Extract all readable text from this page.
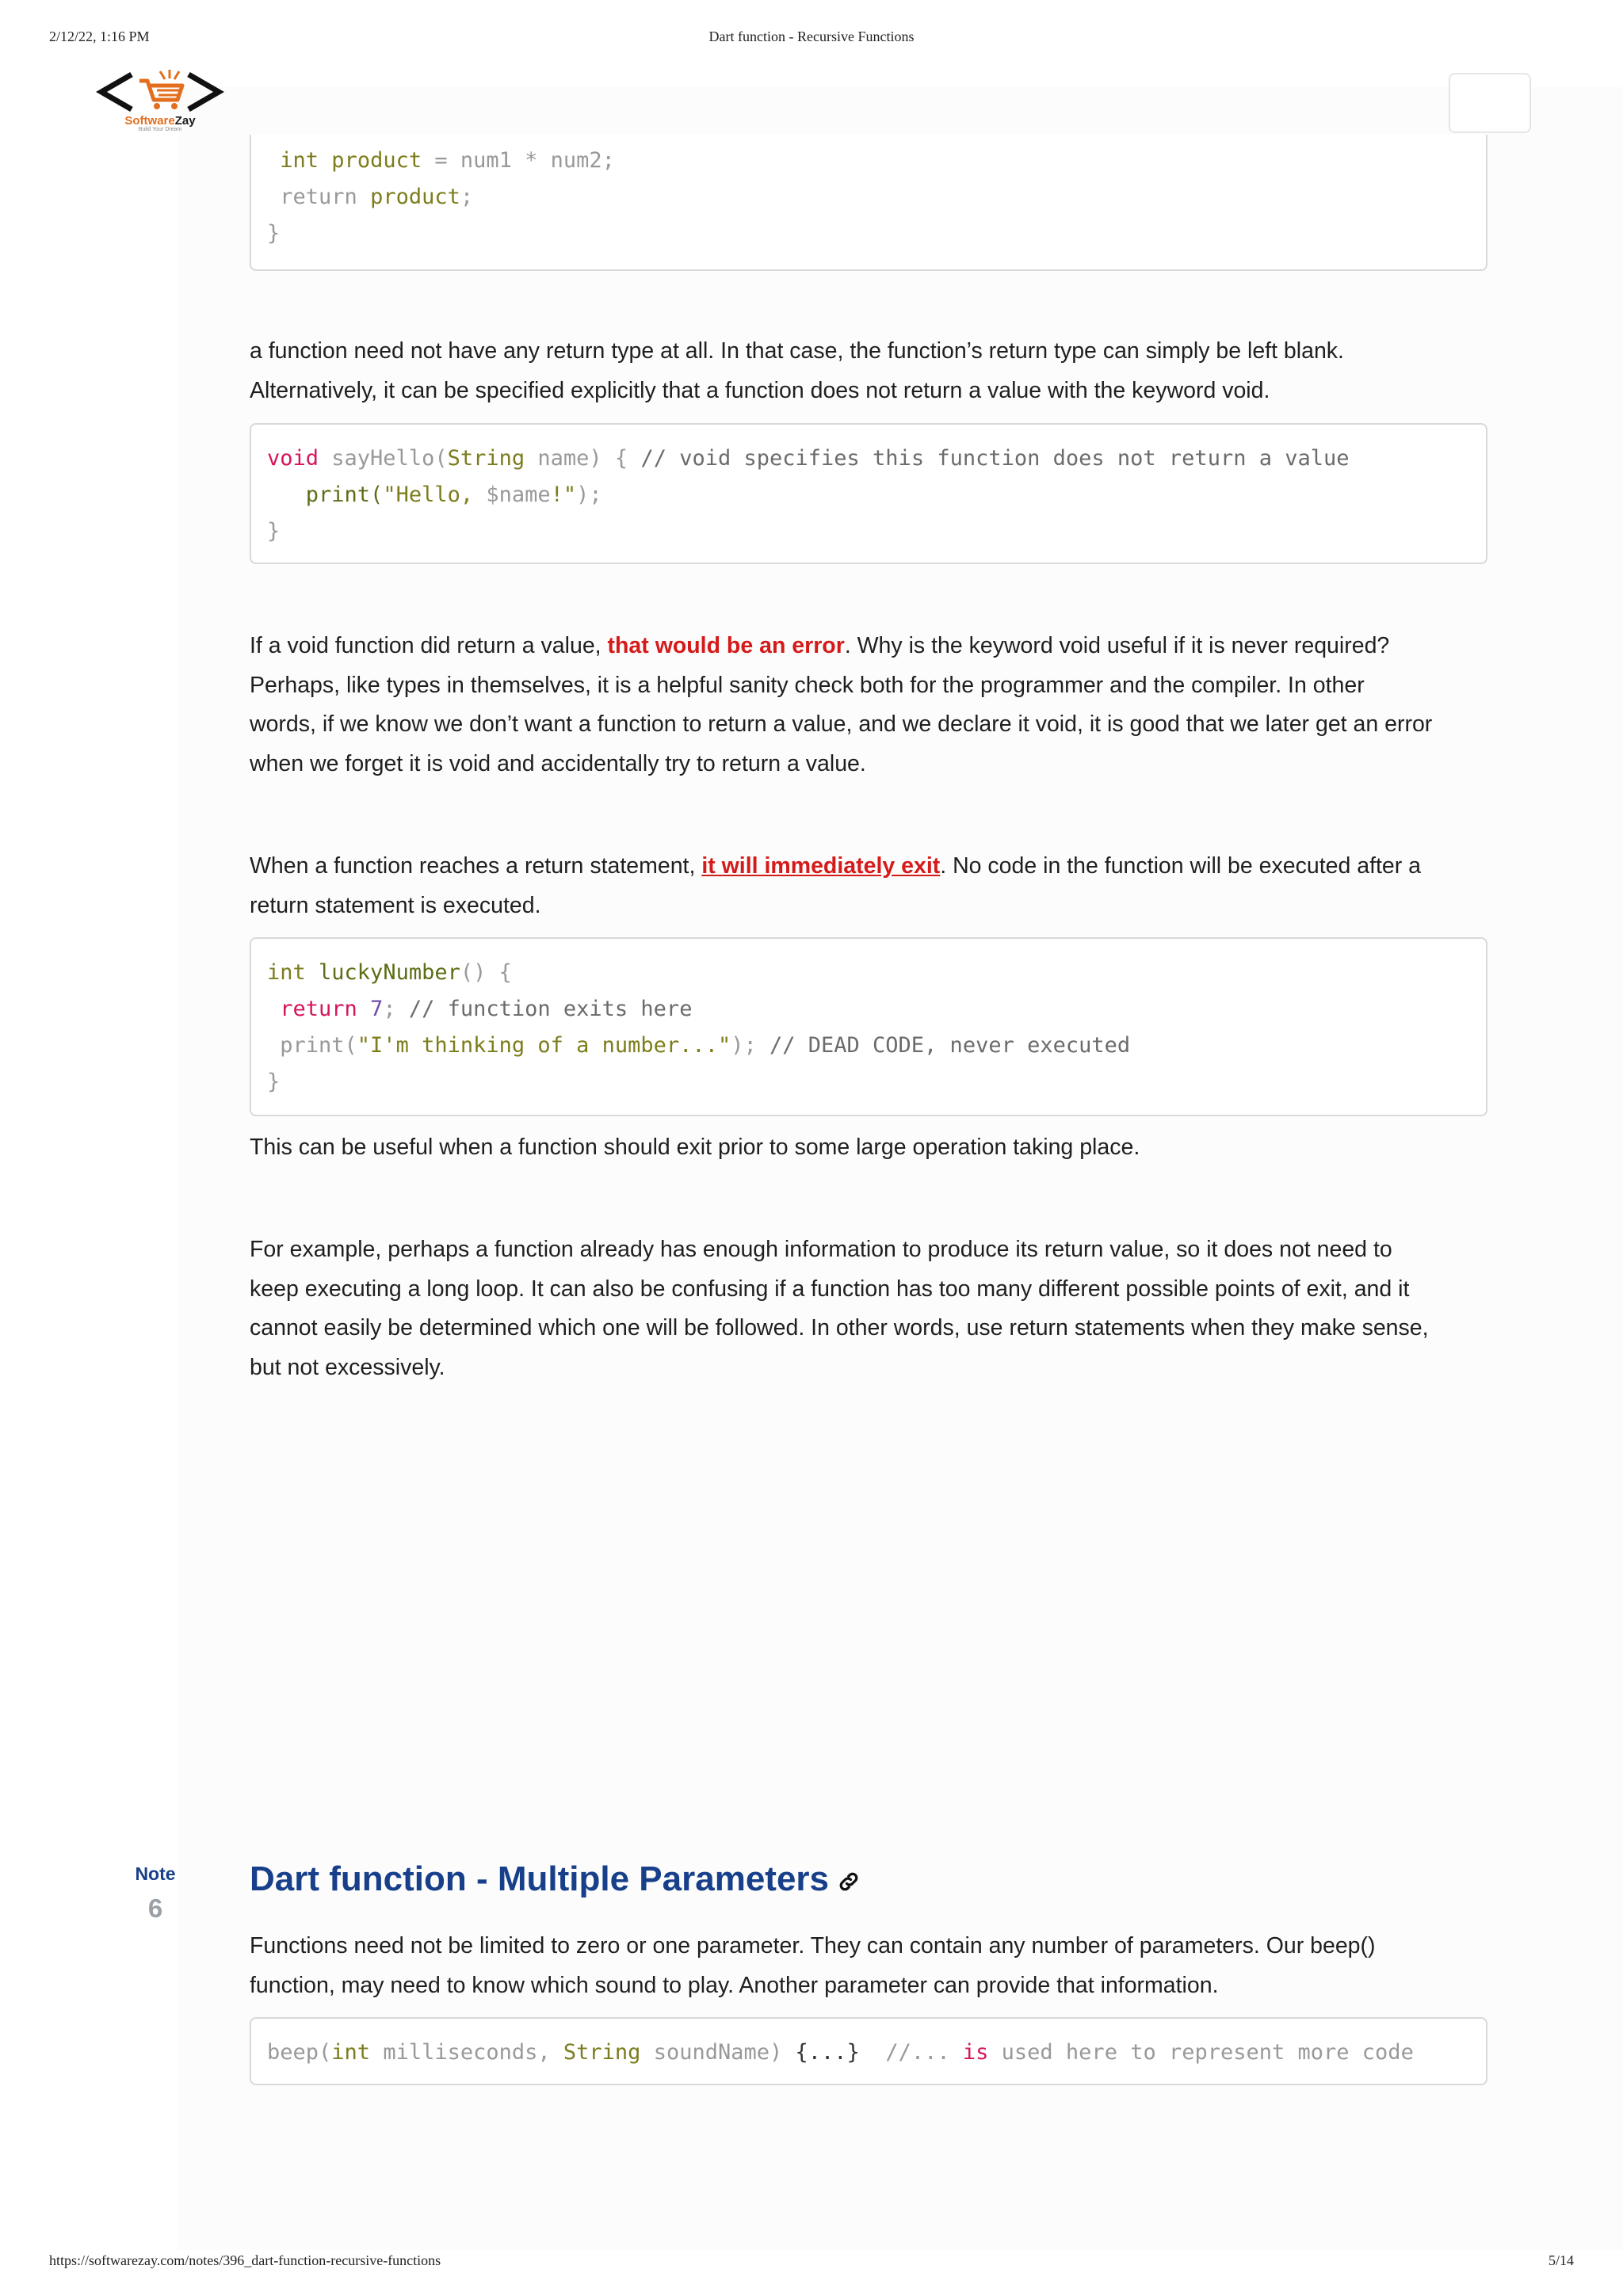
2/12/22, 1:16 PM	Dart function - Recursive Functions
SoftwareZay
Build Your Dream
int product = num1 * num2;
return product;
}

a function need not have any return type at all. In that case, the function’s return type can simply be left blank.

Alternatively, it can be specified explicitly that a function does not return a value with the keyword void.

void sayHello(String name) { // void specifies this function does not return a value
print("Hello, $name!");
}

If a void function did return a value, that would be an error. Why is the keyword void useful if it is never required?

Perhaps, like types in themselves, it is a helpful sanity check both for the programmer and the compiler. In other

words, if we know we don’t want a function to return a value, and we declare it void, it is good that we later get an error

when we forget it is void and accidentally try to return a value.

When a function reaches a return statement, it will immediately exit. No code in the function will be executed after a

return statement is executed.

int luckyNumber() {
return 7; // function exits here
print("I'm thinking of a number..."); // DEAD CODE, never executed
}

This can be useful when a function should exit prior to some large operation taking place.

For example, perhaps a function already has enough information to produce its return value, so it does not need to

keep executing a long loop. It can also be confusing if a function has too many different possible points of exit, and it

cannot easily be determined which one will be followed. In other words, use return statements when they make sense,

but not excessively.

Note
6
Dart function - Multiple Parameters

Functions need not be limited to zero or one parameter. They can contain any number of parameters. Our beep()

function, may need to know which sound to play. Another parameter can provide that information.

beep(int milliseconds, String soundName) {...} //... is used here to represent more code
https://softwarezay.com/notes/396_dart-function-recursive-functions	5/14
